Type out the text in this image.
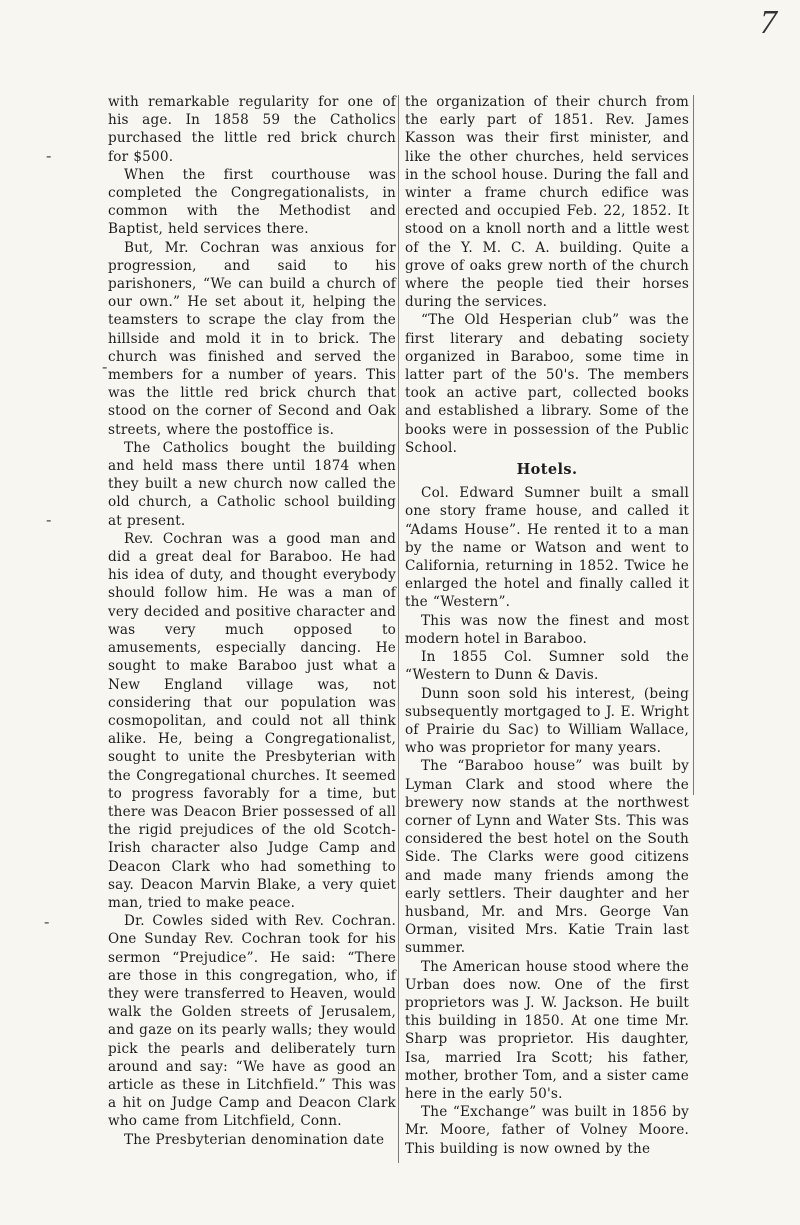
7
-
-
-
-

with remarkable regularity for one of his age. In 1858 59 the Catholics purchased the little red brick church for $500.

When the first courthouse was completed the Congregationalists, in common with the Methodist and Baptist, held services there.

But, Mr. Cochran was anxious for progression, and said to his parishoners, “We can build a church of our own.” He set about it, helping the teamsters to scrape the clay from the hillside and mold it in to brick. The church was finished and served the members for a number of years. This was the little red brick church that stood on the corner of Second and Oak streets, where the postoffice is.

The Catholics bought the building and held mass there until 1874 when they built a new church now called the old church, a Catholic school building at present.

Rev. Cochran was a good man and did a great deal for Baraboo. He had his idea of duty, and thought everybody should follow him. He was a man of very decided and positive character and was very much opposed to amusements, especially dancing. He sought to make Baraboo just what a New England village was, not considering that our population was cosmopolitan, and could not all think alike. He, being a Congregationalist, sought to unite the Presbyterian with the Congregational churches. It seemed to progress favorably for a time, but there was Deacon Brier possessed of all the rigid prejudices of the old Scotch-Irish character also Judge Camp and Deacon Clark who had something to say. Deacon Marvin Blake, a very quiet man, tried to make peace.

Dr. Cowles sided with Rev. Cochran. One Sunday Rev. Cochran took for his sermon “Prejudice”. He said: “There are those in this congregation, who, if they were transferred to Heaven, would walk the Golden streets of Jerusalem, and gaze on its pearly walls; they would pick the pearls and deliberately turn around and say: “We have as good an article as these in Litchfield.” This was a hit on Judge Camp and Deacon Clark who came from Litchfield, Conn.

The Presbyterian denomination date

the organization of their church from the early part of 1851. Rev. James Kasson was their first minister, and like the other churches, held services in the school house. During the fall and winter a frame church edifice was erected and occupied Feb. 22, 1852. It stood on a knoll north and a little west of the Y. M. C. A. building. Quite a grove of oaks grew north of the church where the people tied their horses during the services.

“The Old Hesperian club” was the first literary and debating society organized in Baraboo, some time in latter part of the 50's. The members took an active part, collected books and established a library. Some of the books were in possession of the Public School.

Hotels.

Col. Edward Sumner built a small one story frame house, and called it “Adams House”. He rented it to a man by the name or Watson and went to California, returning in 1852. Twice he enlarged the hotel and finally called it the “Western”.

This was now the finest and most modern hotel in Baraboo.

In 1855 Col. Sumner sold the “Western to Dunn & Davis.

Dunn soon sold his interest, (being subsequently mortgaged to J. E. Wright of Prairie du Sac) to William Wallace, who was proprietor for many years.

The “Baraboo house” was built by Lyman Clark and stood where the brewery now stands at the northwest corner of Lynn and Water Sts. This was considered the best hotel on the South Side. The Clarks were good citizens and made many friends among the early settlers. Their daughter and her husband, Mr. and Mrs. George Van Orman, visited Mrs. Katie Train last summer.

The American house stood where the Urban does now. One of the first proprietors was J. W. Jackson. He built this building in 1850. At one time Mr. Sharp was proprietor. His daughter, Isa, married Ira Scott; his father, mother, brother Tom, and a sister came here in the early 50's.

The “Exchange” was built in 1856 by Mr. Moore, father of Volney Moore. This building is now owned by the
